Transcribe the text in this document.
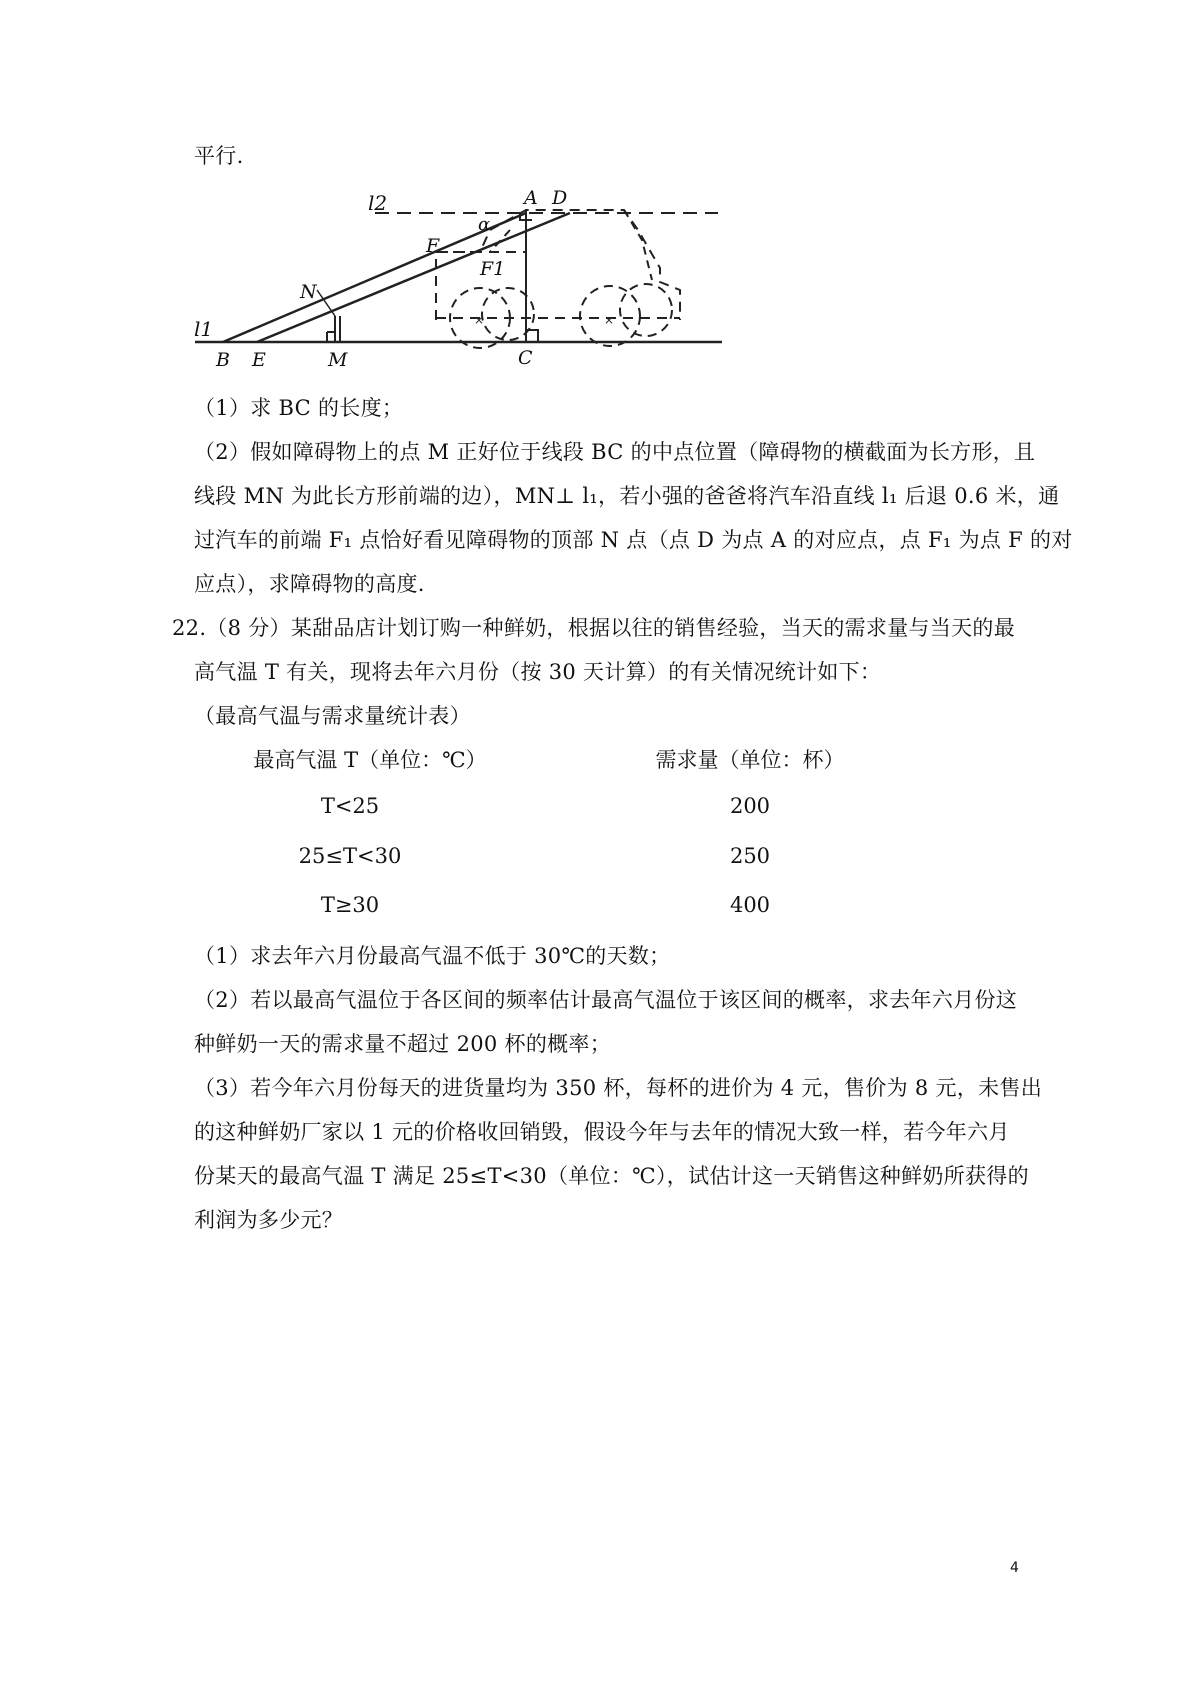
平行.
×	×
l2	A D
α
F
F1
N
l1
B E	M	C
（1）求 BC 的长度；
（2）假如障碍物上的点 M 正好位于线段 BC 的中点位置（障碍物的横截面为长方形，且
线段 MN 为此长方形前端的边），MN⊥ l₁，若小强的爸爸将汽车沿直线 l₁ 后退 0.6 米，通
过汽车的前端 F₁ 点恰好看见障碍物的顶部 N 点（点 D 为点 A 的对应点，点 F₁ 为点 F 的对
应点），求障碍物的高度.
22.（8 分）某甜品店计划订购一种鲜奶，根据以往的销售经验，当天的需求量与当天的最
高气温 T 有关，现将去年六月份（按 30 天计算）的有关情况统计如下：
（最高气温与需求量统计表）
最高气温 T（单位：℃）	需求量（单位：杯）
T<25	200
25≤T<30	250
T≥30	400
（1）求去年六月份最高气温不低于 30℃的天数；
（2）若以最高气温位于各区间的频率估计最高气温位于该区间的概率，求去年六月份这
种鲜奶一天的需求量不超过 200 杯的概率；
（3）若今年六月份每天的进货量均为 350 杯，每杯的进价为 4 元，售价为 8 元，未售出
的这种鲜奶厂家以 1 元的价格收回销毁，假设今年与去年的情况大致一样，若今年六月
份某天的最高气温 T 满足 25≤T<30（单位：℃），试估计这一天销售这种鲜奶所获得的
利润为多少元？
4
